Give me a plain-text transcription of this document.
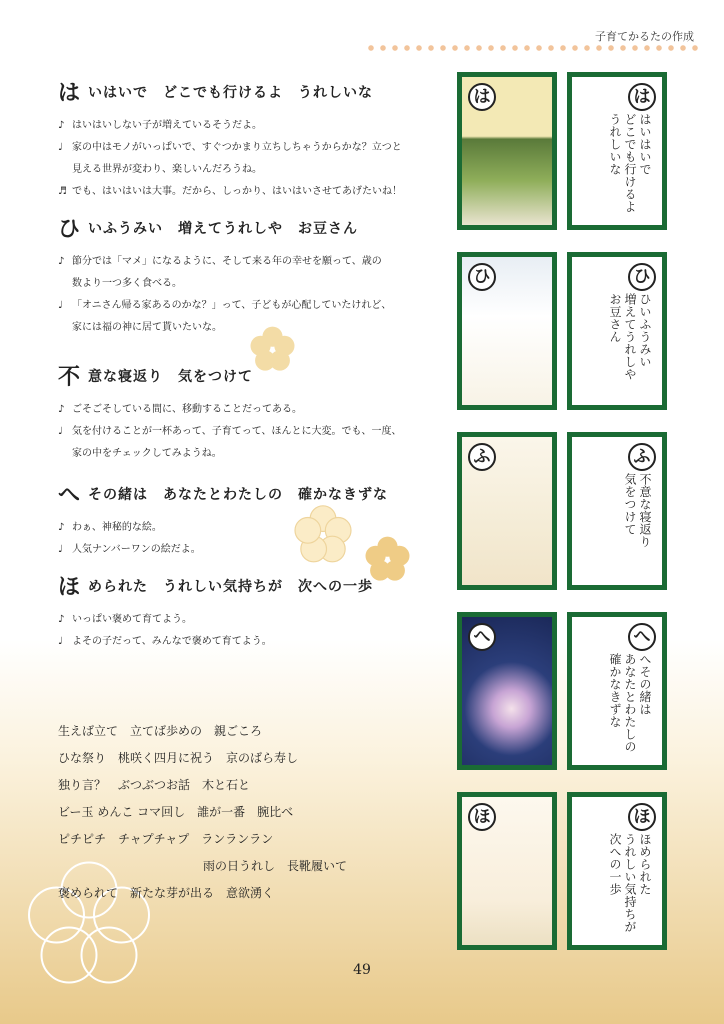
子育てかるたの作成
は いはいで　どこでも行けるよ　うれしいな
♪ はいはいしない子が増えているそうだよ。
♩ 家の中はモノがいっぱいで、すぐつかまり立ちしちゃうからかな？立つと
見える世界が変わり、楽しいんだろうね。
♬ でも、はいはいは大事。だから、しっかり、はいはいさせてあげたいね！
ひ いふうみい　増えてうれしや　お豆さん
♪ 節分では「マメ」になるように、そして来る年の幸せを願って、歳の
数より一つ多く食べる。
♩ 「オニさん帰る家あるのかな？」って、子どもが心配していたけれど、
家には福の神に居て貰いたいな。
不 意な寝返り　気をつけて
♪ ごそごそしている間に、移動することだってある。
♩ 気を付けることが一杯あって、子育てって、ほんとに大変。でも、一度、
家の中をチェックしてみようね。
へ その緒は　あなたとわたしの　確かなきずな
♪ わぁ、神秘的な絵。
♩ 人気ナンバーワンの絵だよ。
ほ められた　うれしい気持ちが　次への一歩
♪ いっぱい褒めて育てよう。
♩ よその子だって、みんなで褒めて育てよう。
生えば立て　立てば歩めの　親ごころ
ひな祭り　桃咲く四月に祝う　京のばら寿し
独り言？　ぶつぶつお話　木と石と
ビー玉 めんこ コマ回し　誰が一番　腕比べ
ピチピチ　チャプチャプ　ランランラン
雨の日うれし　長靴履いて
褒められて　新たな芽が出る　意欲湧く
は	は
はいはいで
どこでも行けるよ
うれしいな
ひ	ひ
ひいふうみい
増えてうれしや
お豆さん
ふ	ふ
不意な寝返り
気をつけて
へ	へ
へその緒は
あなたとわたしの
確かなきずな
ほ	ほ
ほめられた
うれしい気持ちが
次への一歩
49
